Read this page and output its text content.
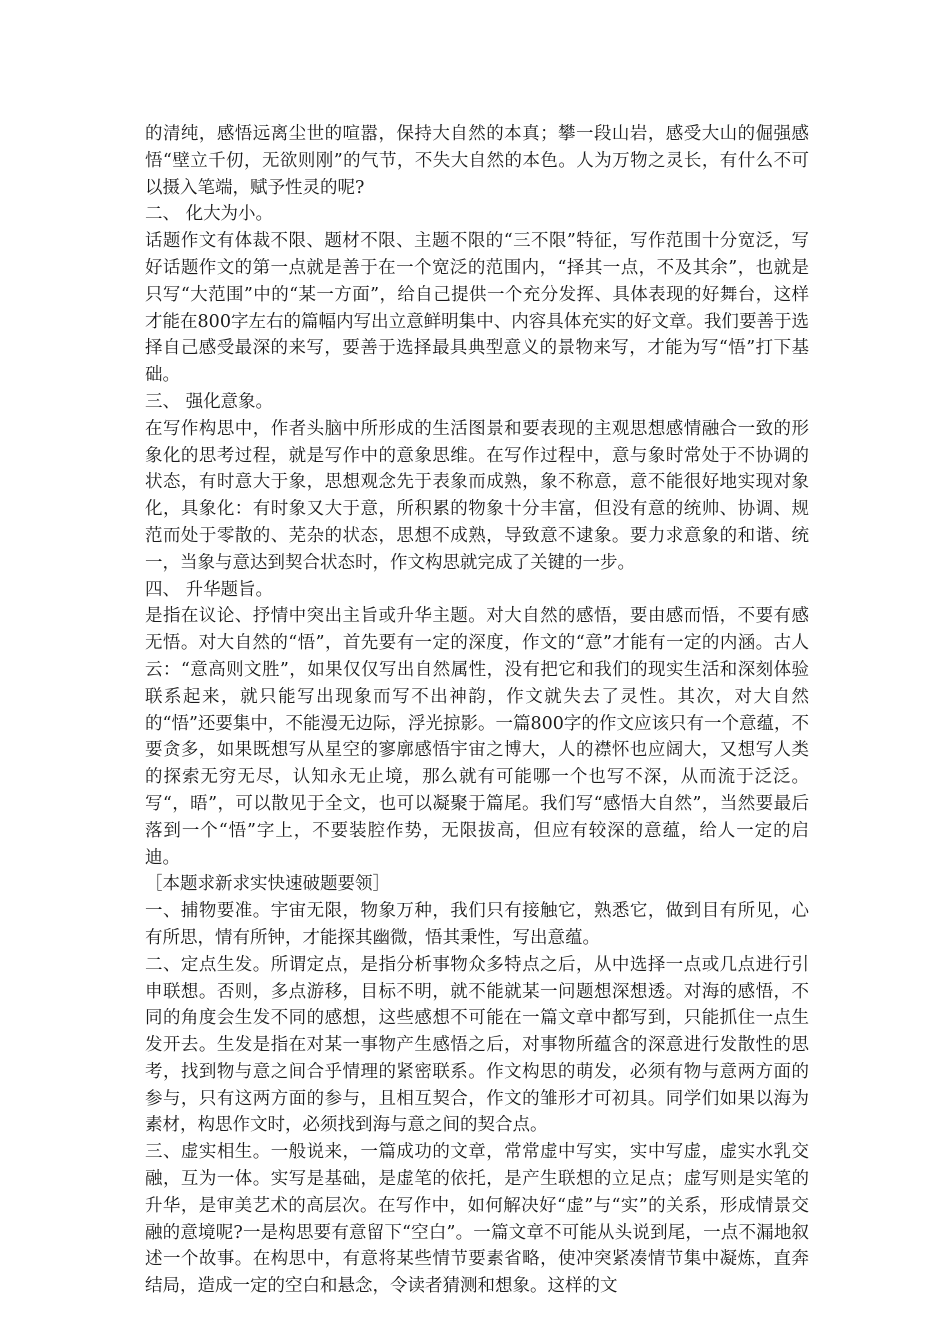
的清纯，感悟远离尘世的喧嚣，保持大自然的本真；攀一段山岩，感受大山的倔强感悟“壁立千仞，无欲则刚”的气节，不失大自然的本色。人为万物之灵长，有什么不可以摄入笔端，赋予性灵的呢?

二、 化大为小。

话题作文有体裁不限、题材不限、主题不限的“三不限”特征，写作范围十分宽泛，写好话题作文的第一点就是善于在一个宽泛的范围内，“择其一点，不及其余”，也就是只写“大范围”中的“某一方面”，给自己提供一个充分发挥、具体表现的好舞台，这样才能在800字左右的篇幅内写出立意鲜明集中、内容具体充实的好文章。我们要善于选择自己感受最深的来写，要善于选择最具典型意义的景物来写，才能为写“悟”打下基础。

三、 强化意象。

在写作构思中，作者头脑中所形成的生活图景和要表现的主观思想感情融合一致的形象化的思考过程，就是写作中的意象思维。在写作过程中，意与象时常处于不协调的状态，有时意大于象，思想观念先于表象而成熟，象不称意，意不能很好地实现对象化，具象化：有时象又大于意，所积累的物象十分丰富，但没有意的统帅、协调、规范而处于零散的、芜杂的状态，思想不成熟，导致意不逮象。要力求意象的和谐、统一，当象与意达到契合状态时，作文构思就完成了关键的一步。

四、 升华题旨。

是指在议论、抒情中突出主旨或升华主题。对大自然的感悟，要由感而悟，不要有感无悟。对大自然的“悟”，首先要有一定的深度，作文的“意”才能有一定的内涵。古人云：“意高则文胜”，如果仅仅写出自然属性，没有把它和我们的现实生活和深刻体验联系起来，就只能写出现象而写不出神韵，作文就失去了灵性。其次，对大自然的“悟”还要集中，不能漫无边际，浮光掠影。一篇800字的作文应该只有一个意蕴，不要贪多，如果既想写从星空的寥廓感悟宇宙之博大，人的襟怀也应阔大，又想写人类的探索无穷无尽，认知永无止境，那么就有可能哪一个也写不深，从而流于泛泛。写“，晤”，可以散见于全文，也可以凝聚于篇尾。我们写“感悟大自然”，当然要最后落到一个“悟”字上，不要装腔作势，无限拔高，但应有较深的意蕴，给人一定的启迪。

［本题求新求实快速破题要领］

一、捕物要准。宇宙无限，物象万种，我们只有接触它，熟悉它，做到目有所见，心有所思，情有所钟，才能探其幽微，悟其秉性，写出意蕴。

二、定点生发。所谓定点，是指分析事物众多特点之后，从中选择一点或几点进行引申联想。否则，多点游移，目标不明，就不能就某一问题想深想透。对海的感悟，不同的角度会生发不同的感想，这些感想不可能在一篇文章中都写到，只能抓住一点生发开去。生发是指在对某一事物产生感悟之后，对事物所蕴含的深意进行发散性的思考，找到物与意之间合乎情理的紧密联系。作文构思的萌发，必须有物与意两方面的参与，只有这两方面的参与，且相互契合，作文的雏形才可初具。同学们如果以海为素材，构思作文时，必须找到海与意之间的契合点。

三、虚实相生。一般说来，一篇成功的文章，常常虚中写实，实中写虚，虚实水乳交融，互为一体。实写是基础，是虚笔的依托，是产生联想的立足点；虚写则是实笔的升华，是审美艺术的高层次。在写作中，如何解决好“虚”与“实”的关系，形成情景交融的意境呢?一是构思要有意留下“空白”。一篇文章不可能从头说到尾，一点不漏地叙述一个故事。在构思中，有意将某些情节要素省略，使冲突紧凑情节集中凝炼，直奔结局，造成一定的空白和悬念，令读者猜测和想象。这样的文
